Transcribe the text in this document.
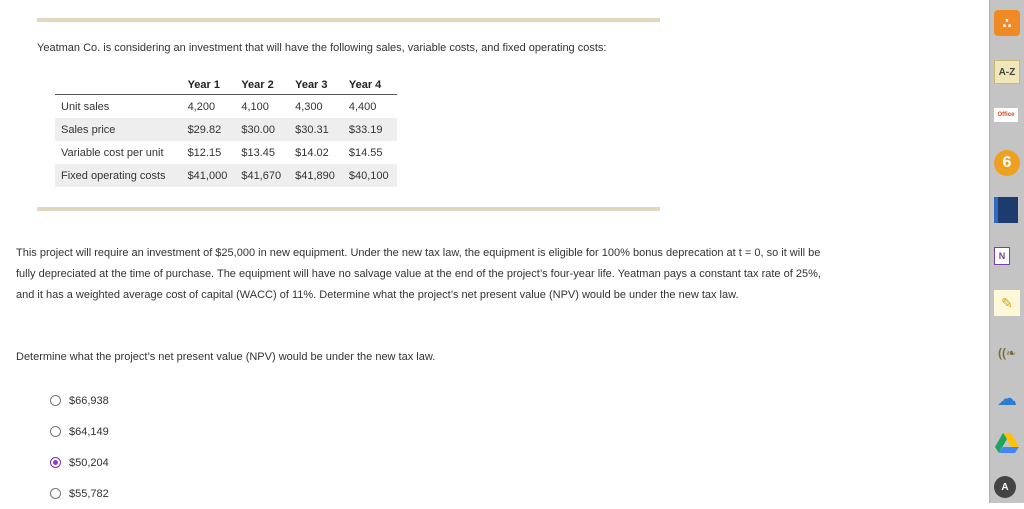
Yeatman Co. is considering an investment that will have the following sales, variable costs, and fixed operating costs:
	Year 1	Year 2	Year 3	Year 4
Unit sales	4,200	4,100	4,300	4,400
Sales price	$29.82	$30.00	$30.31	$33.19
Variable cost per unit	$12.15	$13.45	$14.02	$14.55
Fixed operating costs	$41,000	$41,670	$41,890	$40,100
This project will require an investment of $25,000 in new equipment. Under the new tax law, the equipment is eligible for 100% bonus deprecation at t = 0, so it will be fully depreciated at the time of purchase. The equipment will have no salvage value at the end of the project’s four-year life. Yeatman pays a constant tax rate of 25%, and it has a weighted average cost of capital (WACC) of 11%. Determine what the project’s net present value (NPV) would be under the new tax law.
Determine what the project’s net present value (NPV) would be under the new tax law.
$66,938
$64,149
$50,204
$55,782
∴
A-Z
Office
6
N
✎
((❧
☁
A
